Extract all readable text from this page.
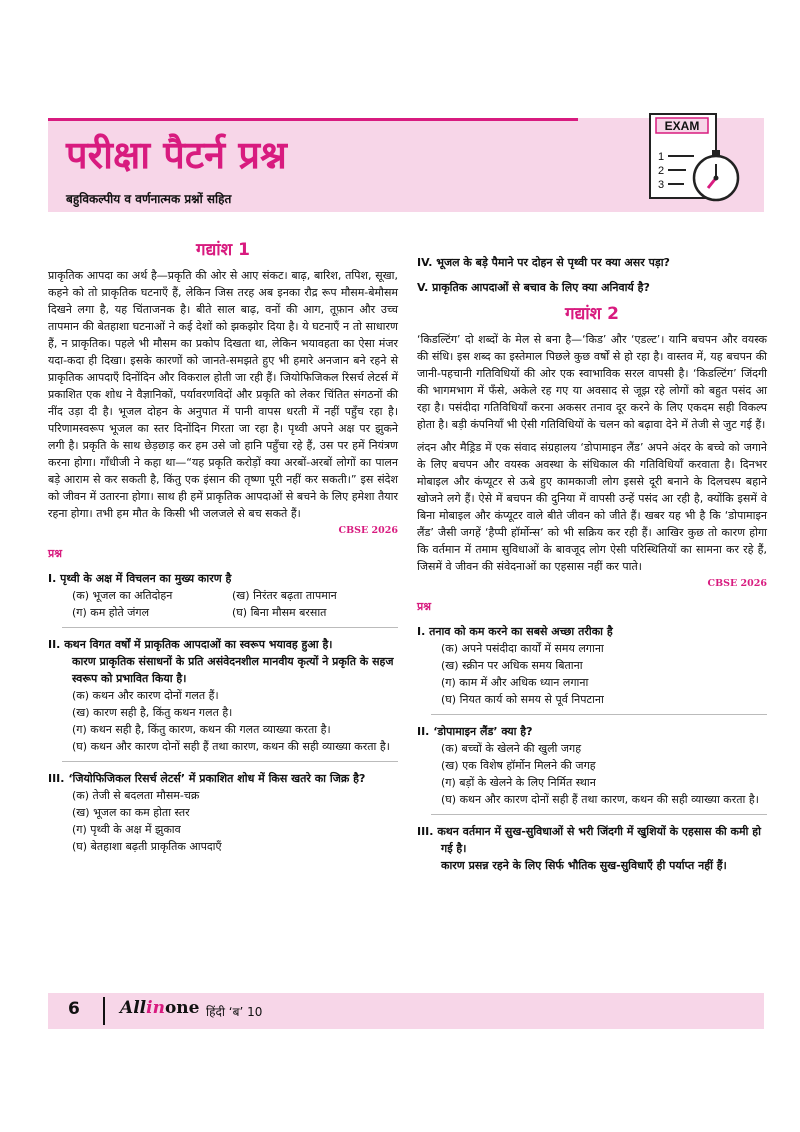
परीक्षा पैटर्न प्रश्न
बहुविकल्पीय व वर्णनात्मक प्रश्नों सहित
EXAM
1
2
3
गद्यांश 1
प्राकृतिक आपदा का अर्थ है—प्रकृति की ओर से आए संकट। बाढ़, बारिश, तपिश, सूखा, कहने को तो प्राकृतिक घटनाएँ हैं, लेकिन जिस तरह अब इनका रौद्र रूप मौसम-बेमौसम दिखने लगा है, यह चिंताजनक है। बीते साल बाढ़, वनों की आग, तूफ़ान और उच्च तापमान की बेतहाशा घटनाओं ने कई देशों को झकझोर दिया है। ये घटनाएँ न तो साधारण हैं, न प्राकृतिक। पहले भी मौसम का प्रकोप दिखता था, लेकिन भयावहता का ऐसा मंजर यदा-कदा ही दिखा। इसके कारणों को जानते-समझते हुए भी हमारे अनजान बने रहने से प्राकृतिक आपदाएँ दिनोंदिन और विकराल होती जा रही हैं। जियोफिजिकल रिसर्च लेटर्स में प्रकाशित एक शोध ने वैज्ञानिकों, पर्यावरणविदों और प्रकृति को लेकर चिंतित संगठनों की नींद उड़ा दी है। भूजल दोहन के अनुपात में पानी वापस धरती में नहीं पहुँच रहा है। परिणामस्वरूप भूजल का स्तर दिनोंदिन गिरता जा रहा है। पृथ्वी अपने अक्ष पर झुकने लगी है। प्रकृति के साथ छेड़छाड़ कर हम उसे जो हानि पहुँचा रहे हैं, उस पर हमें नियंत्रण करना होगा। गाँधीजी ने कहा था—“यह प्रकृति करोड़ों क्या अरबों-अरबों लोगों का पालन बड़े आराम से कर सकती है, किंतु एक इंसान की तृष्णा पूरी नहीं कर सकती।” इस संदेश को जीवन में उतारना होगा। साथ ही हमें प्राकृतिक आपदाओं से बचने के लिए हमेशा तैयार रहना होगा। तभी हम मौत के किसी भी जलजले से बच सकते हैं।
CBSE 2026
प्रश्न
I. पृथ्वी के अक्ष में विचलन का मुख्य कारण है
(क) भूजल का अतिदोहन	(ख) निरंतर बढ़ता तापमान
(ग) कम होते जंगल	(घ) बिना मौसम बरसात
II. कथन विगत वर्षों में प्राकृतिक आपदाओं का स्वरूप भयावह हुआ है।
कारण प्राकृतिक संसाधनों के प्रति असंवेदनशील मानवीय कृत्यों ने प्रकृति के सहज स्वरूप को प्रभावित किया है।
(क) कथन और कारण दोनों गलत हैं।
(ख) कारण सही है, किंतु कथन गलत है।
(ग) कथन सही है, किंतु कारण, कथन की गलत व्याख्या करता है।
(घ) कथन और कारण दोनों सही हैं तथा कारण, कथन की सही व्याख्या करता है।
III. ‘जियोफिजिकल रिसर्च लेटर्स’ में प्रकाशित शोध में किस खतरे का जिक्र है?
(क) तेजी से बदलता मौसम-चक्र
(ख) भूजल का कम होता स्तर
(ग) पृथ्वी के अक्ष में झुकाव
(घ) बेतहाशा बढ़ती प्राकृतिक आपदाएँ
IV. भूजल के बड़े पैमाने पर दोहन से पृथ्वी पर क्या असर पड़ा?
V. प्राकृतिक आपदाओं से बचाव के लिए क्या अनिवार्य है?
गद्यांश 2
‘किडल्टिंग’ दो शब्दों के मेल से बना है—‘किड’ और ‘एडल्ट’। यानि बचपन और वयस्क की संधि। इस शब्द का इस्तेमाल पिछले कुछ वर्षों से हो रहा है। वास्तव में, यह बचपन की जानी-पहचानी गतिविधियों की ओर एक स्वाभाविक सरल वापसी है। ‘किडल्टिंग’ जिंदगी की भागमभाग में फँसे, अकेले रह गए या अवसाद से जूझ रहे लोगों को बहुत पसंद आ रहा है। पसंदीदा गतिविधियाँ करना अकसर तनाव दूर करने के लिए एकदम सही विकल्प होता है। बड़ी कंपनियाँ भी ऐसी गतिविधियों के चलन को बढ़ावा देने में तेजी से जुट गई हैं।
लंदन और मैड्रिड में एक संवाद संग्रहालय ‘डोपामाइन लैंड’ अपने अंदर के बच्चे को जगाने के लिए बचपन और वयस्क अवस्था के संधिकाल की गतिविधियाँ करवाता है। दिनभर मोबाइल और कंप्यूटर से ऊबे हुए कामकाजी लोग इससे दूरी बनाने के दिलचस्प बहाने खोजने लगे हैं। ऐसे में बचपन की दुनिया में वापसी उन्हें पसंद आ रही है, क्योंकि इसमें वे बिना मोबाइल और कंप्यूटर वाले बीते जीवन को जीते हैं। खबर यह भी है कि ‘डोपामाइन लैंड’ जैसी जगहें ‘हैप्पी हॉर्मोन्स’ को भी सक्रिय कर रही हैं। आखिर कुछ तो कारण होगा कि वर्तमान में तमाम सुविधाओं के बावजूद लोग ऐसी परिस्थितियों का सामना कर रहे हैं, जिसमें वे जीवन की संवेदनाओं का एहसास नहीं कर पाते।
CBSE 2026
प्रश्न
I. तनाव को कम करने का सबसे अच्छा तरीका है
(क) अपने पसंदीदा कार्यों में समय लगाना
(ख) स्क्रीन पर अधिक समय बिताना
(ग) काम में और अधिक ध्यान लगाना
(घ) नियत कार्य को समय से पूर्व निपटाना
II. ‘डोपामाइन लैंड’ क्या है?
(क) बच्चों के खेलने की खुली जगह
(ख) एक विशेष हॉर्मोन मिलने की जगह
(ग) बड़ों के खेलने के लिए निर्मित स्थान
(घ) कथन और कारण दोनों सही हैं तथा कारण, कथन की सही व्याख्या करता है।
III. कथन वर्तमान में सुख-सुविधाओं से भरी जिंदगी में खुशियों के एहसास की कमी हो गई है।
कारण प्रसन्न रहने के लिए सिर्फ भौतिक सुख-सुविधाएँ ही पर्याप्त नहीं हैं।
6 Allinone हिंदी ‘ब’ 10
